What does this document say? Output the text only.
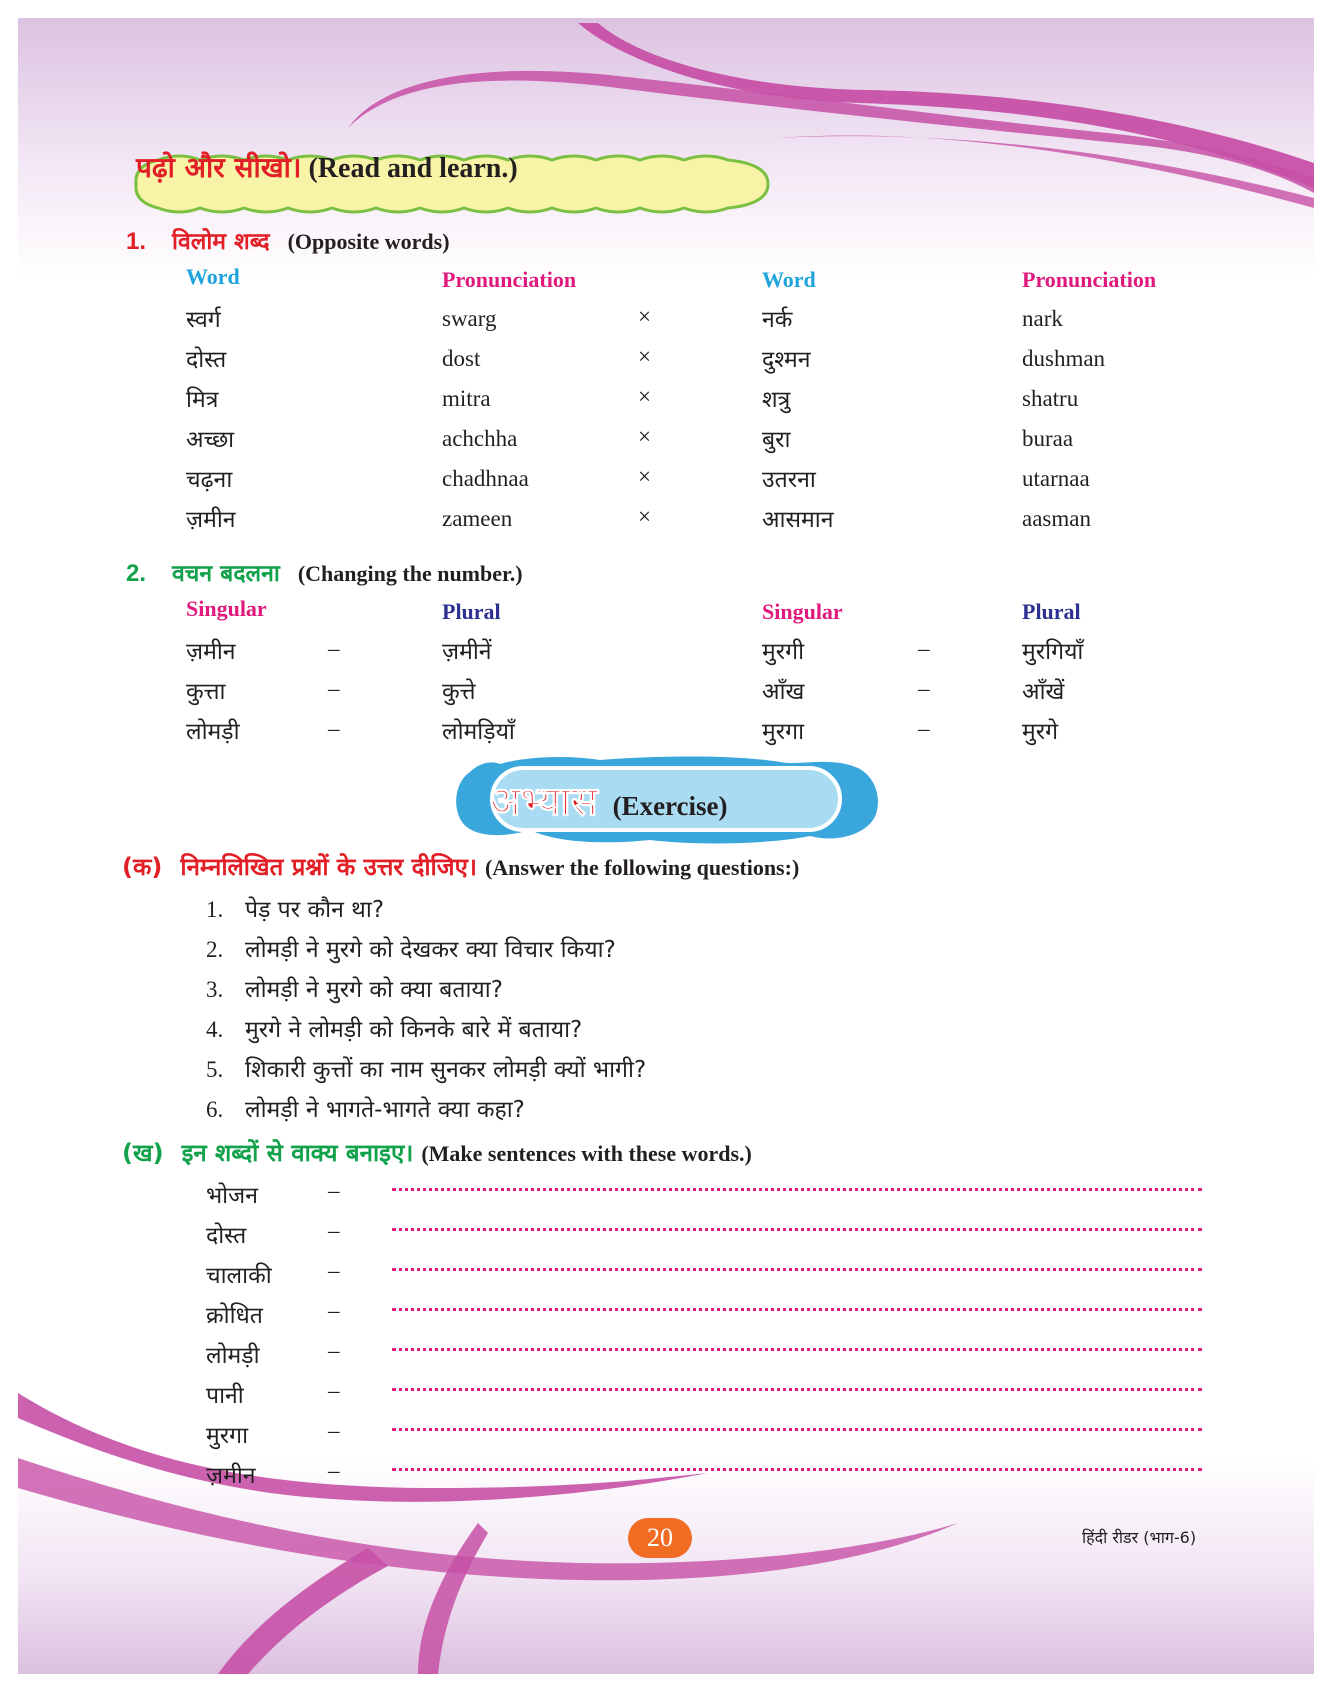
पढ़ो और सीखो। (Read and learn.)
1. विलोम शब्द (Opposite words)
Word	Pronunciation	Word	Pronunciation
स्वर्ग	swarg	×	नर्क	nark
दोस्त	dost	×	दुश्मन	dushman
मित्र	mitra	×	शत्रु	shatru
अच्छा	achchha	×	बुरा	buraa
चढ़ना	chadhnaa	×	उतरना	utarnaa
ज़मीन	zameen	×	आसमान	aasman
2. वचन बदलना (Changing the number.)
Singular	Plural	Singular	Plural
ज़मीन	–	ज़मीनें	मुरगी	–	मुरगियाँ
कुत्ता	–	कुत्ते	आँख	–	आँखें
लोमड़ी	–	लोमड़ियाँ	मुरगा	–	मुरगे
अभ्यास (Exercise)
(क) निम्नलिखित प्रश्नों के उत्तर दीजिए। (Answer the following questions:)
1. पेड़ पर कौन था?
2. लोमड़ी ने मुरगे को देखकर क्या विचार किया?
3. लोमड़ी ने मुरगे को क्या बताया?
4. मुरगे ने लोमड़ी को किनके बारे में बताया?
5. शिकारी कुत्तों का नाम सुनकर लोमड़ी क्यों भागी?
6. लोमड़ी ने भागते-भागते क्या कहा?
(ख) इन शब्दों से वाक्य बनाइए। (Make sentences with these words.)
भोजन	–
दोस्त	–
चालाकी –
क्रोधित	–
लोमड़ी	–
पानी	–
मुरगा	–
ज़मीन	–
20	हिंदी रीडर (भाग-6)
